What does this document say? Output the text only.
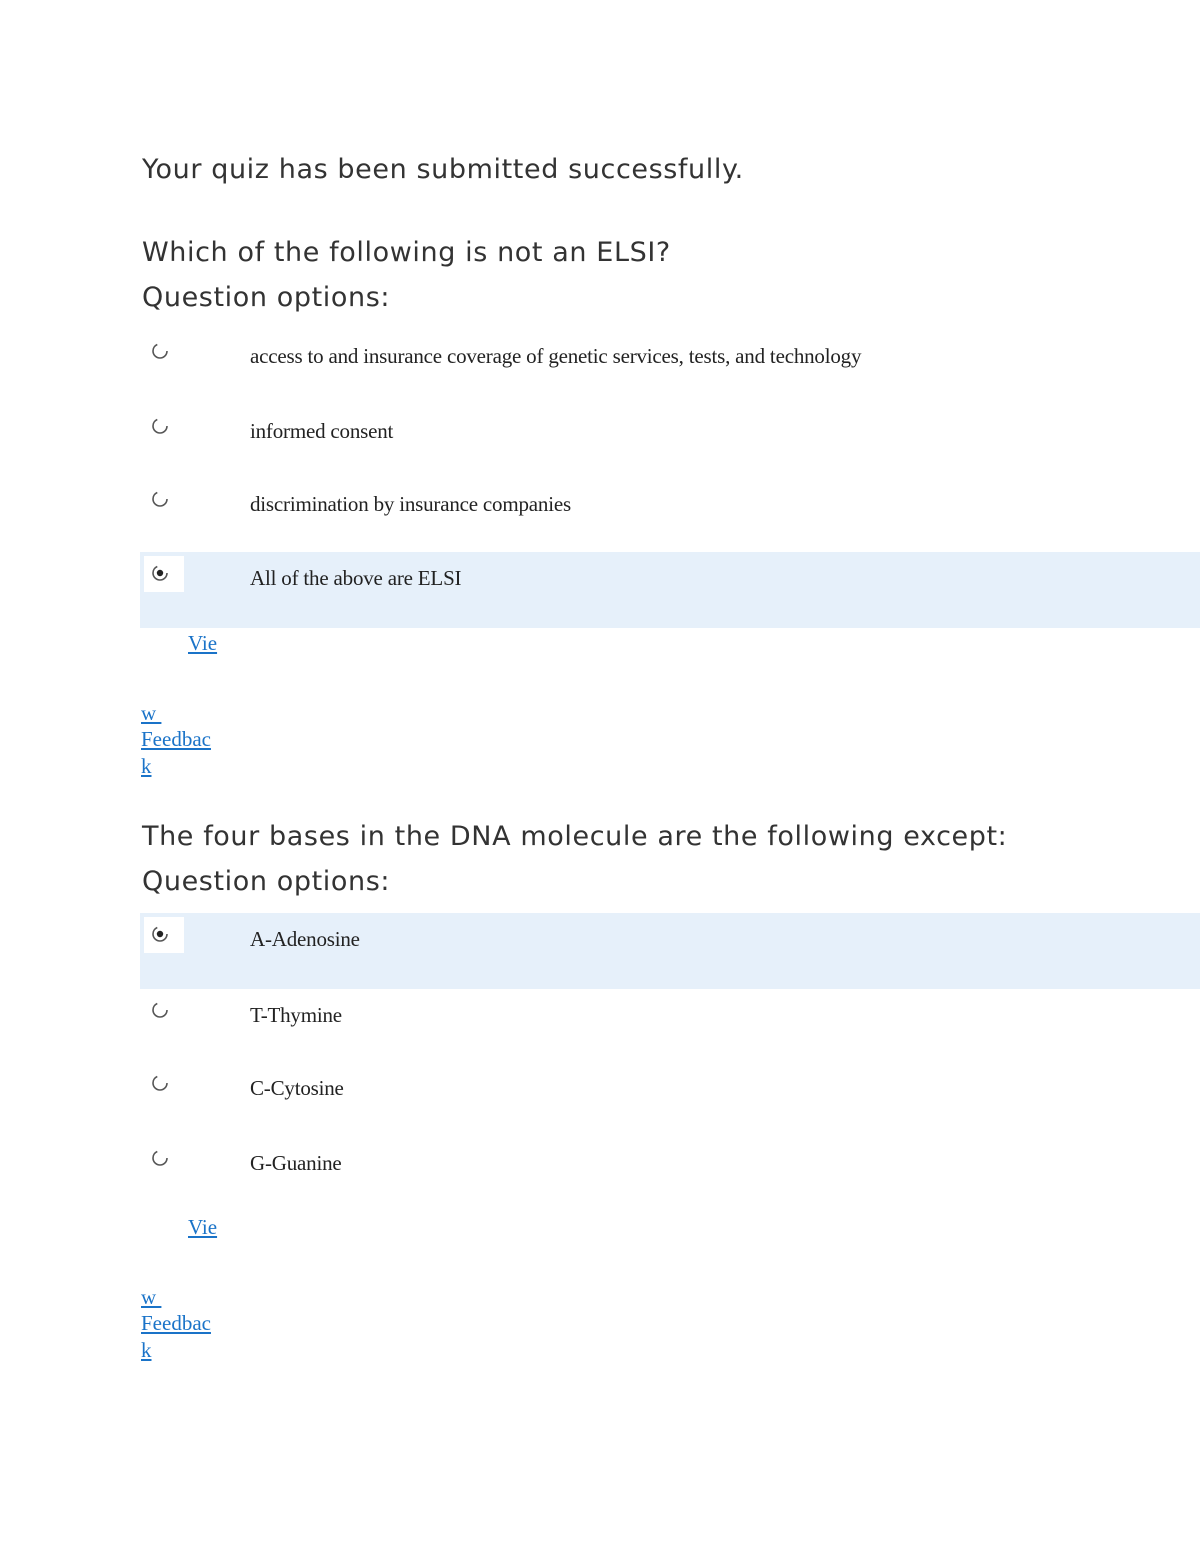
Your quiz has been submitted successfully.
Which of the following is not an ELSI?
Question options:
access to and insurance coverage of genetic services, tests, and technology
informed consent
discrimination by insurance companies
All of the above are ELSI
Vie
w
Feedbac
k
The four bases in the DNA molecule are the following except:
Question options:
A-Adenosine
T-Thymine
C-Cytosine
G-Guanine
Vie
w
Feedbac
k
